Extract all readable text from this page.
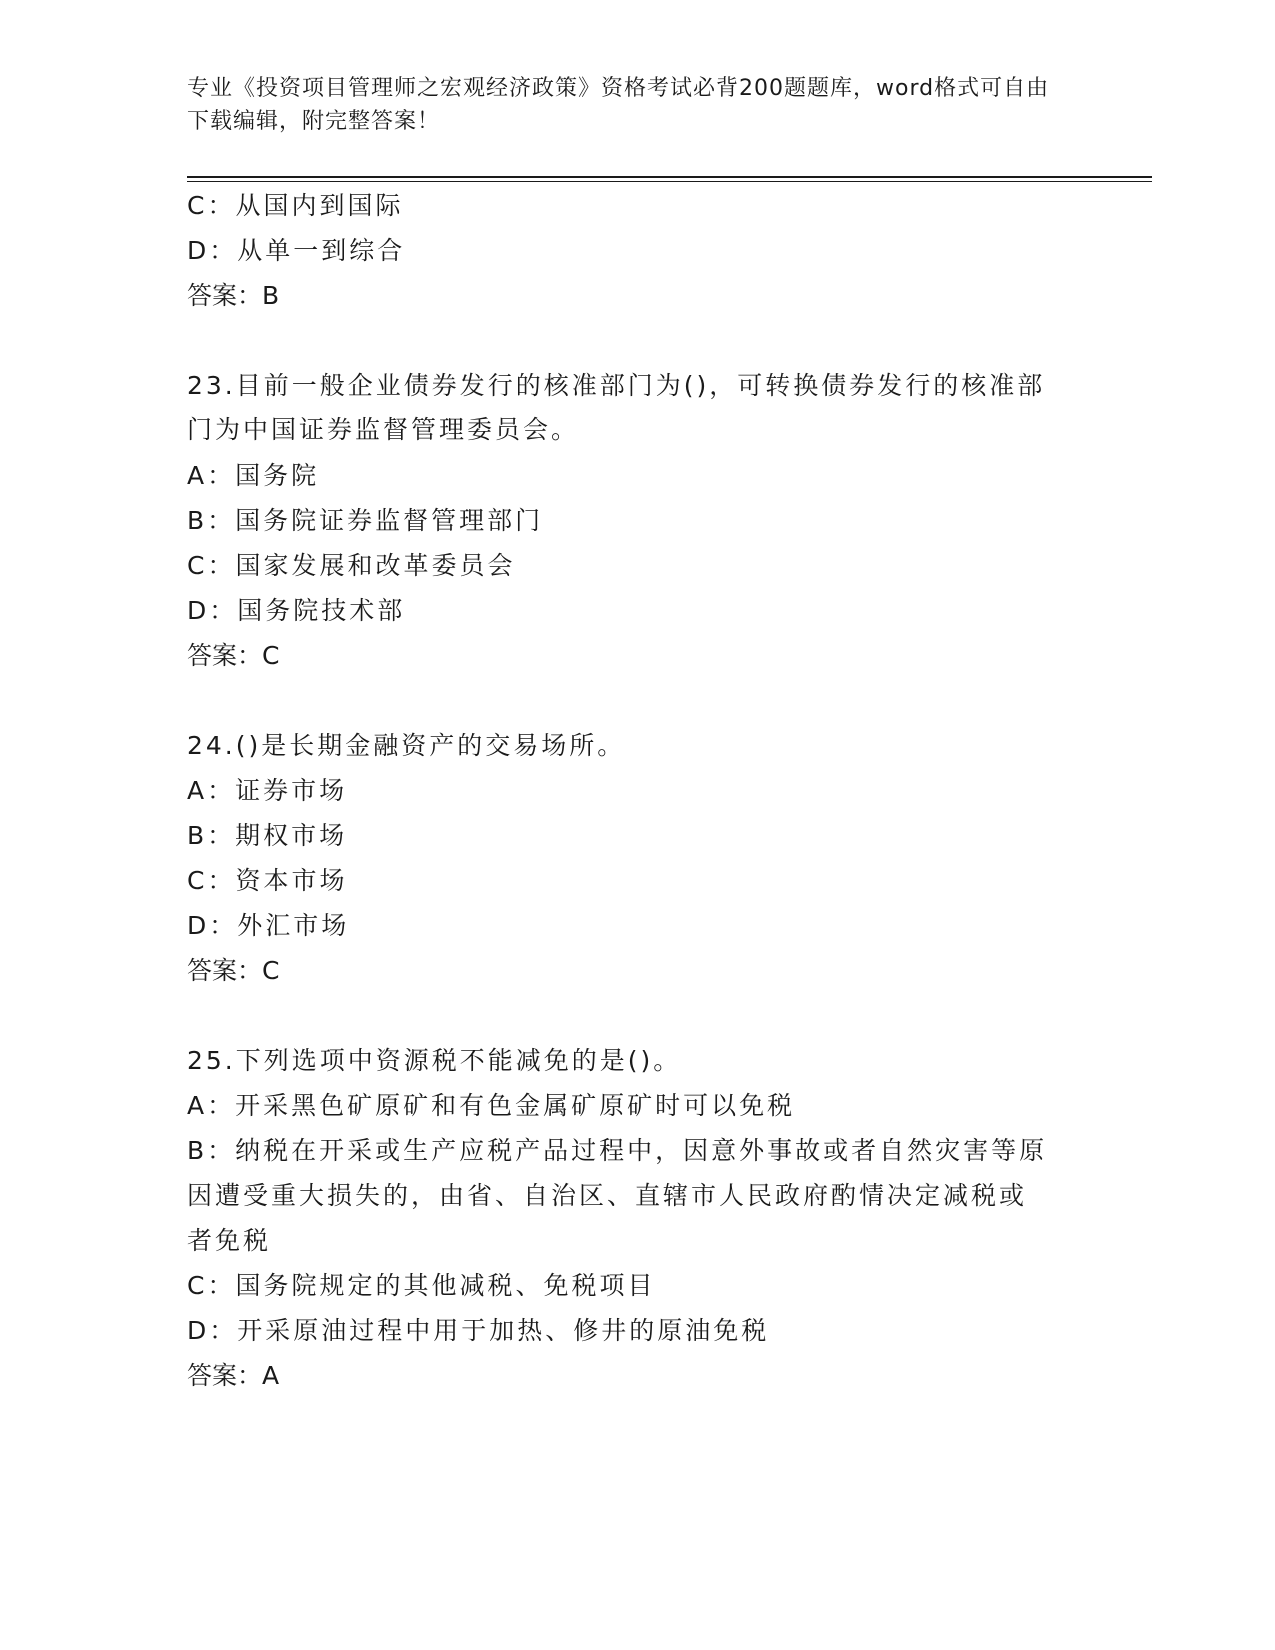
专业《投资项目管理师之宏观经济政策》资格考试必背200题题库，word格式可自由下载编辑，附完整答案！
C：从国内到国际
D：从单一到综合
答案：B
23.目前一般企业债券发行的核准部门为()，可转换债券发行的核准部
门为中国证券监督管理委员会。
A：国务院
B：国务院证券监督管理部门
C：国家发展和改革委员会
D：国务院技术部
答案：C
24.()是长期金融资产的交易场所。
A：证券市场
B：期权市场
C：资本市场
D：外汇市场
答案：C
25.下列选项中资源税不能减免的是()。
A：开采黑色矿原矿和有色金属矿原矿时可以免税
B：纳税在开采或生产应税产品过程中，因意外事故或者自然灾害等原
因遭受重大损失的，由省、自治区、直辖市人民政府酌情决定减税或
者免税
C：国务院规定的其他减税、免税项目
D：开采原油过程中用于加热、修井的原油免税
答案：A
